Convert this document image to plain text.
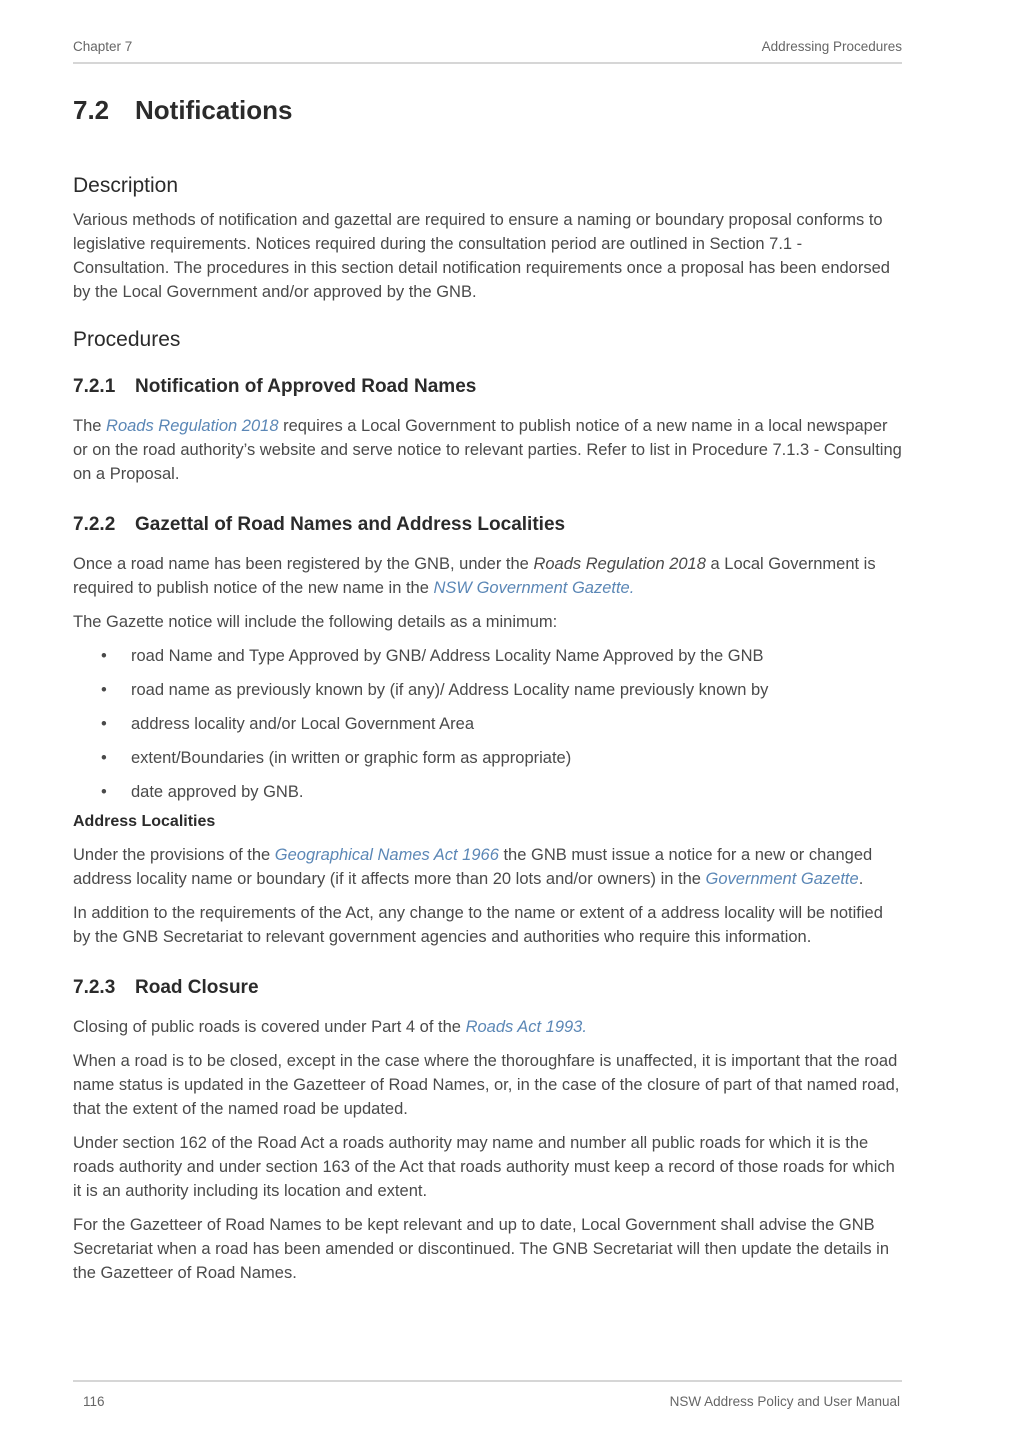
Chapter 7	Addressing Procedures
7.2 Notifications
Description

Various methods of notification and gazettal are required to ensure a naming or boundary proposal conforms to legislative requirements. Notices required during the consultation period are outlined in Section 7.1 - Consultation. The procedures in this section detail notification requirements once a proposal has been endorsed by the Local Government and/or approved by the GNB.

Procedures
7.2.1 Notification of Approved Road Names

The Roads Regulation 2018 requires a Local Government to publish notice of a new name in a local newspaper or on the road authority’s website and serve notice to relevant parties. Refer to list in Procedure 7.1.3 - Consulting on a Proposal.

7.2.2 Gazettal of Road Names and Address Localities

Once a road name has been registered by the GNB, under the Roads Regulation 2018 a Local Government is required to publish notice of the new name in the NSW Government Gazette.

The Gazette notice will include the following details as a minimum:

• road Name and Type Approved by GNB/ Address Locality Name Approved by the GNB
• road name as previously known by (if any)/ Address Locality name previously known by
• address locality and/or Local Government Area
• extent/Boundaries (in written or graphic form as appropriate)
• date approved by GNB.
Address Localities

Under the provisions of the Geographical Names Act 1966 the GNB must issue a notice for a new or changed address locality name or boundary (if it affects more than 20 lots and/or owners) in the Government Gazette.

In addition to the requirements of the Act, any change to the name or extent of a address locality will be notified by the GNB Secretariat to relevant government agencies and authorities who require this information.

7.2.3 Road Closure

Closing of public roads is covered under Part 4 of the Roads Act 1993.

When a road is to be closed, except in the case where the thoroughfare is unaffected, it is important that the road name status is updated in the Gazetteer of Road Names, or, in the case of the closure of part of that named road, that the extent of the named road be updated.

Under section 162 of the Road Act a roads authority may name and number all public roads for which it is the roads authority and under section 163 of the Act that roads authority must keep a record of those roads for which it is an authority including its location and extent.

For the Gazetteer of Road Names to be kept relevant and up to date, Local Government shall advise the GNB Secretariat when a road has been amended or discontinued. The GNB Secretariat will then update the details in the Gazetteer of Road Names.

116	NSW Address Policy and User Manual
